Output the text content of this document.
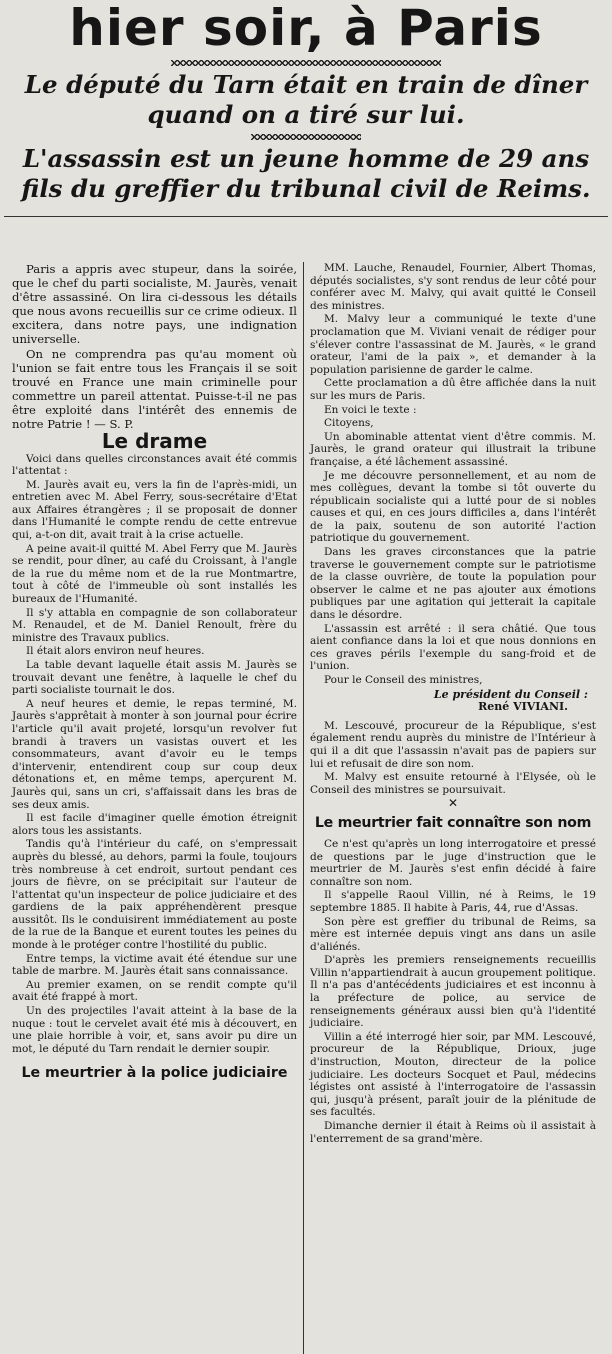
hier soir, à Paris

Le député du Tarn était en train de dîner

quand on a tiré sur lui.

L'assassin est un jeune homme de 29 ans

fils du greffier du tribunal civil de Reims.

Paris a appris avec stupeur, dans la soirée, que le chef du parti socialiste, M. Jaurès, venait d'être assassiné. On lira ci-dessous les détails que nous avons recueillis sur ce crime odieux. Il excitera, dans notre pays, une indignation universelle.

On ne comprendra pas qu'au moment où l'union se fait entre tous les Français il se soit trouvé en France une main criminelle pour commettre un pareil attentat. Puisse-t-il ne pas être exploité dans l'intérêt des ennemis de notre Patrie ! — S. P.

Le drame

Voici dans quelles circonstances avait été commis l'attentat :

M. Jaurès avait eu, vers la fin de l'après-midi, un entretien avec M. Abel Ferry, sous-secrétaire d'Etat aux Affaires étrangères ; il se proposait de donner dans l'Humanité le compte rendu de cette entrevue qui, a-t-on dit, avait trait à la crise actuelle.

A peine avait-il quitté M. Abel Ferry que M. Jaurès se rendit, pour dîner, au café du Croissant, à l'angle de la rue du même nom et de la rue Montmartre, tout à côté de l'immeuble où sont installés les bureaux de l'Humanité.

Il s'y attabla en compagnie de son collaborateur M. Renaudel, et de M. Daniel Renoult, frère du ministre des Travaux publics.

Il était alors environ neuf heures.

La table devant laquelle était assis M. Jaurès se trouvait devant une fenêtre, à laquelle le chef du parti socialiste tournait le dos.

A neuf heures et demie, le repas terminé, M. Jaurès s'apprêtait à monter à son journal pour écrire l'article qu'il avait projeté, lorsqu'un revolver fut brandi à travers un vasistas ouvert et les consommateurs, avant d'avoir eu le temps d'intervenir, entendirent coup sur coup deux détonations et, en même temps, aperçurent M. Jaurès qui, sans un cri, s'affaissait dans les bras de ses deux amis.

Il est facile d'imaginer quelle émotion étreignit alors tous les assistants.

Tandis qu'à l'intérieur du café, on s'empressait auprès du blessé, au dehors, parmi la foule, toujours très nombreuse à cet endroit, surtout pendant ces jours de fièvre, on se précipitait sur l'auteur de l'attentat qu'un inspecteur de police judiciaire et des gardiens de la paix appréhendèrent presque aussitôt. Ils le conduisirent immédiatement au poste de la rue de la Banque et eurent toutes les peines du monde à le protéger contre l'hostilité du public.

Entre temps, la victime avait été étendue sur une table de marbre. M. Jaurès était sans connaissance.

Au premier examen, on se rendit compte qu'il avait été frappé à mort.

Un des projectiles l'avait atteint à la base de la nuque : tout le cervelet avait été mis à découvert, en une plaie horrible à voir, et, sans avoir pu dire un mot, le député du Tarn rendait le dernier soupir.

Le meurtrier à la police judiciaire

MM. Lauche, Renaudel, Fournier, Albert Thomas, députés socialistes, s'y sont rendus de leur côté pour conférer avec M. Malvy, qui avait quitté le Conseil des ministres.

M. Malvy leur a communiqué le texte d'une proclamation que M. Viviani venait de rédiger pour s'élever contre l'assassinat de M. Jaurès, « le grand orateur, l'ami de la paix », et demander à la population parisienne de garder le calme.

Cette proclamation a dû être affichée dans la nuit sur les murs de Paris.

En voici le texte :

Citoyens,

Un abominable attentat vient d'être commis. M. Jaurès, le grand orateur qui illustrait la tribune française, a été lâchement assassiné.

Je me découvre personnellement, et au nom de mes collègues, devant la tombe si tôt ouverte du républicain socialiste qui a lutté pour de si nobles causes et qui, en ces jours difficiles a, dans l'intérêt de la paix, soutenu de son autorité l'action patriotique du gouvernement.

Dans les graves circonstances que la patrie traverse le gouvernement compte sur le patriotisme de la classe ouvrière, de toute la population pour observer le calme et ne pas ajouter aux émotions publiques par une agitation qui jetterait la capitale dans le désordre.

L'assassin est arrêté : il sera châtié. Que tous aient confiance dans la loi et que nous donnions en ces graves périls l'exemple du sang-froid et de l'union.

Pour le Conseil des ministres,

Le président du Conseil :
René VIVIANI.

M. Lescouvé, procureur de la République, s'est également rendu auprès du ministre de l'Intérieur à qui il a dit que l'assassin n'avait pas de papiers sur lui et refusait de dire son nom.

M. Malvy est ensuite retourné à l'Elysée, où le Conseil des ministres se poursuivait.

✕
Le meurtrier fait connaître son nom

Ce n'est qu'après un long interrogatoire et pressé de questions par le juge d'instruction que le meurtrier de M. Jaurès s'est enfin décidé à faire connaître son nom.

Il s'appelle Raoul Villin, né à Reims, le 19 septembre 1885. Il habite à Paris, 44, rue d'Assas.

Son père est greffier du tribunal de Reims, sa mère est internée depuis vingt ans dans un asile d'aliénés.

D'après les premiers renseignements recueillis Villin n'appartiendrait à aucun groupement politique. Il n'a pas d'antécédents judiciaires et est inconnu à la préfecture de police, au service de renseignements généraux aussi bien qu'à l'identité judiciaire.

Villin a été interrogé hier soir, par MM. Lescouvé, procureur de la République, Drioux, juge d'instruction, Mouton, directeur de la police judiciaire. Les docteurs Socquet et Paul, médecins légistes ont assisté à l'interrogatoire de l'assassin qui, jusqu'à présent, paraît jouir de la plénitude de ses facultés.

Dimanche dernier il était à Reims où il assistait à l'enterrement de sa grand'mère.
